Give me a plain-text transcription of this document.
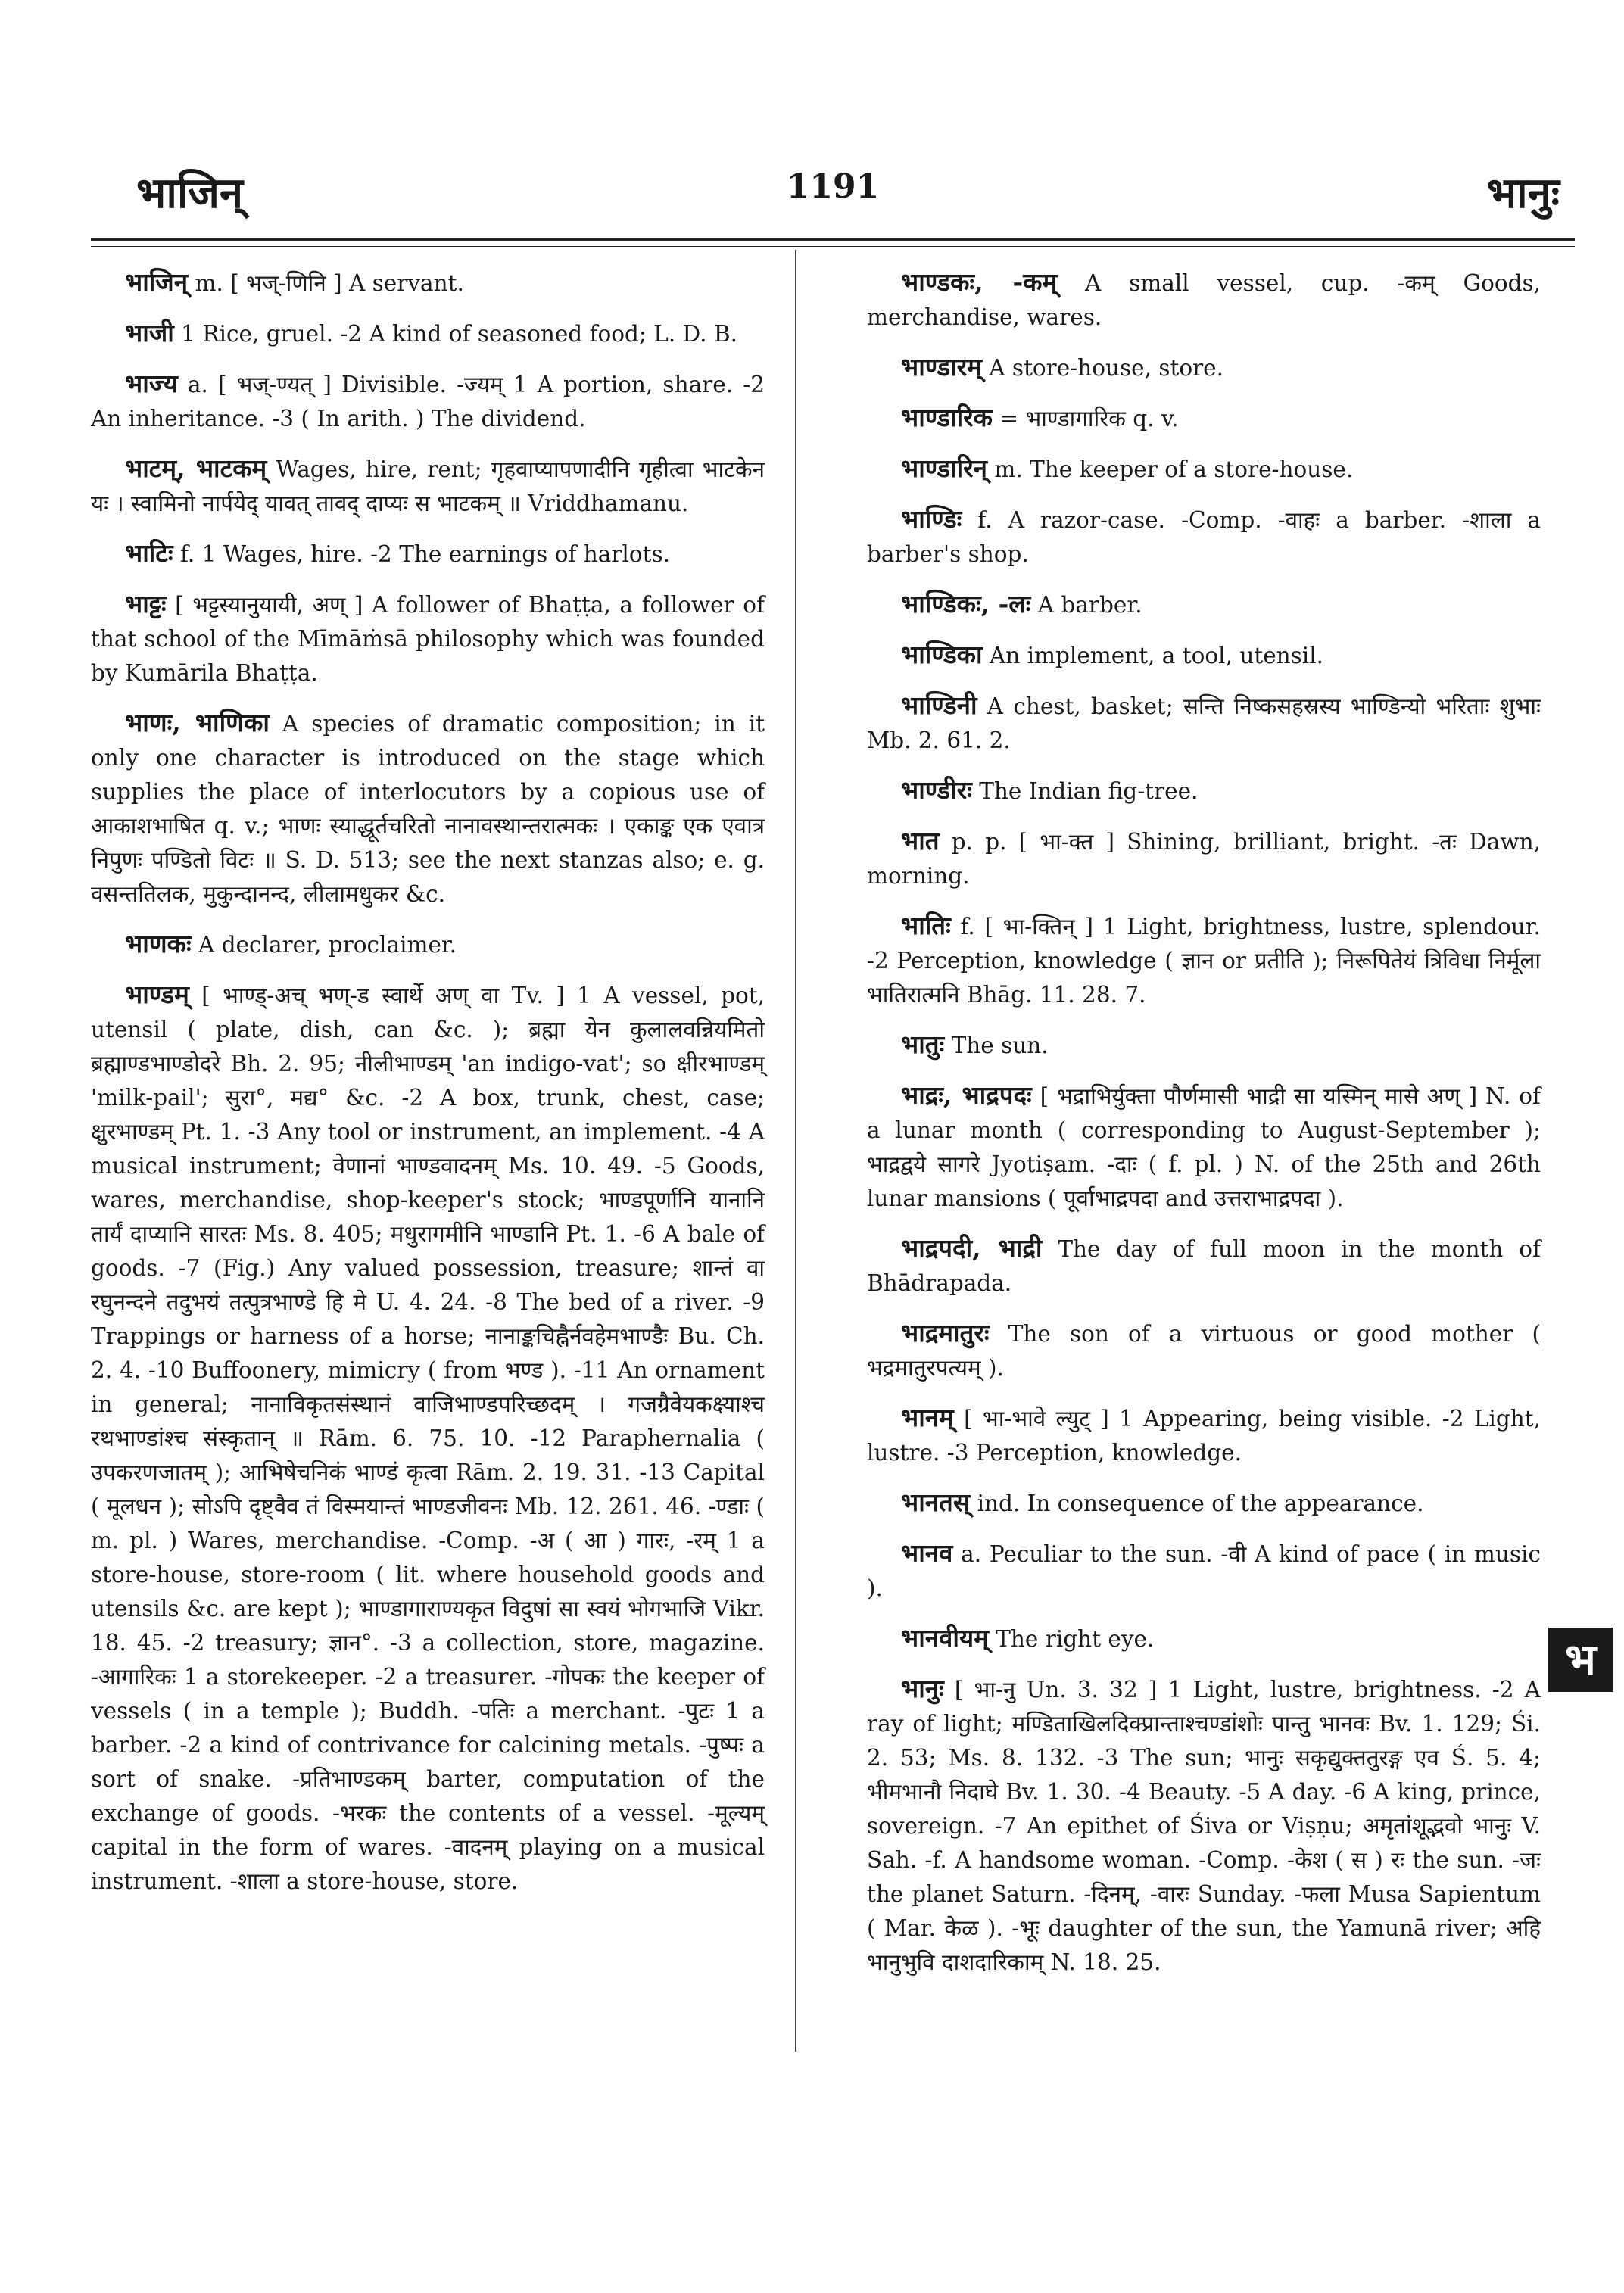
भाजिन्	1191	भानुः

भाजिन् m. [ भज्-णिनि ] A servant.

भाजी 1 Rice, gruel. -2 A kind of seasoned food; L. D. B.

भाज्य a. [ भज्-ण्यत् ] Divisible. -ज्यम् 1 A portion, share. -2 An inheritance. -3 ( In arith. ) The dividend.

भाटम्, भाटकम् Wages, hire, rent; गृहवाप्यापणादीनि गृहीत्वा भाटकेन यः । स्वामिनो नार्पयेद् यावत् तावद् दाप्यः स भाटकम् ॥ Vriddhamanu.

भाटिः f. 1 Wages, hire. -2 The earnings of harlots.

भाट्टः [ भट्टस्यानुयायी, अण् ] A follower of Bhaṭṭa, a follower of that school of the Mīmāṁsā philosophy which was founded by Kumārila Bhaṭṭa.

भाणः, भाणिका A species of dramatic composition; in it only one character is introduced on the stage which supplies the place of interlocutors by a copious use of आकाशभाषित q. v.; भाणः स्याद्धूर्तचरितो नानावस्थान्तरात्मकः । एकाङ्क एक एवात्र निपुणः पण्डितो विटः ॥ S. D. 513; see the next stanzas also; e. g. वसन्ततिलक, मुकुन्दानन्द, लीलामधुकर &c.

भाणकः A declarer, proclaimer.

भाण्डम् [ भाण्ड्-अच् भण्-ड स्वार्थे अण् वा Tv. ] 1 A vessel, pot, utensil ( plate, dish, can &c. ); ब्रह्मा येन कुलालवन्नियमितो ब्रह्माण्डभाण्डोदरे Bh. 2. 95; नीलीभाण्डम् 'an indigo-vat'; so क्षीरभाण्डम् 'milk-pail'; सुरा°, मद्य° &c. -2 A box, trunk, chest, case; क्षुरभाण्डम् Pt. 1. -3 Any tool or instrument, an implement. -4 A musical instrument; वेणानां भाण्डवादनम् Ms. 10. 49. -5 Goods, wares, merchandise, shop-keeper's stock; भाण्डपूर्णानि यानानि तार्यं दाप्यानि सारतः Ms. 8. 405; मधुरागमीनि भाण्डानि Pt. 1. -6 A bale of goods. -7 (Fig.) Any valued possession, treasure; शान्तं वा रघुनन्दने तदुभयं तत्पुत्रभाण्डे हि मे U. 4. 24. -8 The bed of a river. -9 Trappings or harness of a horse; नानाङ्कचिह्नैर्नवहेमभाण्डैः Bu. Ch. 2. 4. -10 Buffoonery, mimicry ( from भण्ड ). -11 An ornament in general; नानाविकृतसंस्थानं वाजिभाण्डपरिच्छदम् । गजग्रैवेयकक्ष्याश्च रथभाण्डांश्च संस्कृतान् ॥ Rām. 6. 75. 10. -12 Paraphernalia ( उपकरणजातम् ); आभिषेचनिकं भाण्डं कृत्वा Rām. 2. 19. 31. -13 Capital ( मूलधन ); सोऽपि दृष्ट्वैव तं विस्मयान्तं भाण्डजीवनः Mb. 12. 261. 46. -ण्डाः ( m. pl. ) Wares, merchandise. -Comp. -अ ( आ ) गारः, -रम् 1 a store-house, store-room ( lit. where household goods and utensils &c. are kept ); भाण्डागाराण्यकृत विदुषां सा स्वयं भोगभाजि Vikr. 18. 45. -2 treasury; ज्ञान°. -3 a collection, store, magazine. -आगारिकः 1 a storekeeper. -2 a treasurer. -गोपकः the keeper of vessels ( in a temple ); Buddh. -पतिः a merchant. -पुटः 1 a barber. -2 a kind of contrivance for calcining metals. -पुष्पः a sort of snake. -प्रतिभाण्डकम् barter, computation of the exchange of goods. -भरकः the contents of a vessel. -मूल्यम् capital in the form of wares. -वादनम् playing on a musical instrument. -शाला a store-house, store.

भाण्डकः, -कम् A small vessel, cup. -कम् Goods, merchandise, wares.

भाण्डारम् A store-house, store.

भाण्डारिक = भाण्डागारिक q. v.

भाण्डारिन् m. The keeper of a store-house.

भाण्डिः f. A razor-case. -Comp. -वाहः a barber. -शाला a barber's shop.

भाण्डिकः, -लः A barber.

भाण्डिका An implement, a tool, utensil.

भाण्डिनी A chest, basket; सन्ति निष्कसहस्रस्य भाण्डिन्यो भरिताः शुभाः Mb. 2. 61. 2.

भाण्डीरः The Indian fig-tree.

भात p. p. [ भा-क्त ] Shining, brilliant, bright. -तः Dawn, morning.

भातिः f. [ भा-क्तिन् ] 1 Light, brightness, lustre, splendour. -2 Perception, knowledge ( ज्ञान or प्रतीति ); निरूपितेयं त्रिविधा निर्मूला भातिरात्मनि Bhāg. 11. 28. 7.

भातुः The sun.

भाद्रः, भाद्रपदः [ भद्राभिर्युक्ता पौर्णमासी भाद्री सा यस्मिन् मासे अण् ] N. of a lunar month ( corresponding to August-September ); भाद्रद्वये सागरे Jyotiṣam. -दाः ( f. pl. ) N. of the 25th and 26th lunar mansions ( पूर्वाभाद्रपदा and उत्तराभाद्रपदा ).

भाद्रपदी, भाद्री The day of full moon in the month of Bhādrapada.

भाद्रमातुरः The son of a virtuous or good mother ( भद्रमातुरपत्यम् ).

भानम् [ भा-भावे ल्युट् ] 1 Appearing, being visible. -2 Light, lustre. -3 Perception, knowledge.

भानतस् ind. In consequence of the appearance.

भानव a. Peculiar to the sun. -वी A kind of pace ( in music ).

भानवीयम् The right eye.

भानुः [ भा-नु Un. 3. 32 ] 1 Light, lustre, brightness. -2 A ray of light; मण्डिताखिलदिक्प्रान्ताश्चण्डांशोः पान्तु भानवः Bv. 1. 129; Śi. 2. 53; Ms. 8. 132. -3 The sun; भानुः सकृद्युक्ततुरङ्ग एव Ś. 5. 4; भीमभानौ निदाघे Bv. 1. 30. -4 Beauty. -5 A day. -6 A king, prince, sovereign. -7 An epithet of Śiva or Viṣṇu; अमृतांशूद्भवो भानुः V. Sah. -f. A handsome woman. -Comp. -केश ( स ) रः the sun. -जः the planet Saturn. -दिनम्, -वारः Sunday. -फला Musa Sapientum ( Mar. केळ ). -भूः daughter of the sun, the Yamunā river; अहि भानुभुवि दाशदारिकाम् N. 18. 25.

भ
